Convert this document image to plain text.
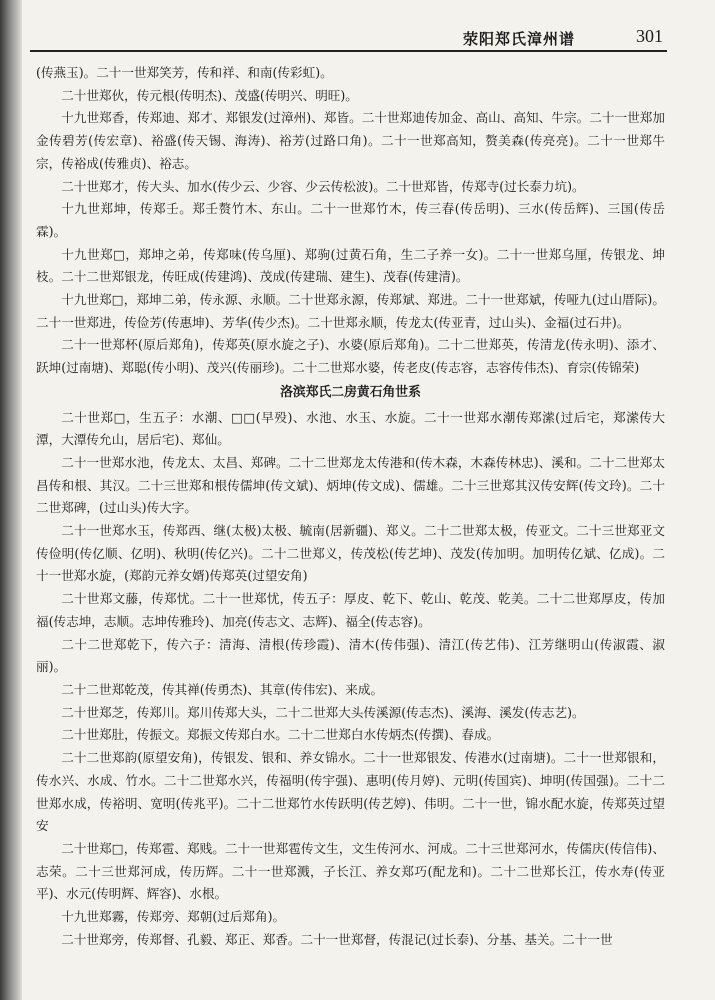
荥阳郑氏漳州谱	301

(传燕玉)。二十一世郑笑芳，传和祥、和南(传彩虹)。

二十世郑伙，传元根(传明杰)、茂盛(传明兴、明旺)。

十九世郑香，传郑迪、郑才、郑银发(过漳州)、郑皆。二十世郑迪传加金、高山、高知、牛宗。二十一世郑加金传碧芳(传宏章)、裕盛(传天锡、海涛)、裕芳(过路口角)。二十一世郑高知，赘美森(传亮亮)。二十一世郑牛宗，传裕成(传雅贞)、裕志。

二十世郑才，传大头、加水(传少云、少容、少云传松波)。二十世郑皆，传郑寺(过长泰力坑)。

十九世郑坤，传郑壬。郑壬赘竹木、东山。二十一世郑竹木，传三春(传岳明)、三水(传岳辉)、三国(传岳霖)。

十九世郑□，郑坤之弟，传郑味(传乌厘)、郑驹(过黄石角，生二子养一女)。二十一世郑乌厘，传银龙、坤枝。二十二世郑银龙，传旺成(传建鸿)、茂成(传建瑞、建生)、茂春(传建清)。

十九世郑□，郑坤二弟，传永源、永顺。二十世郑永源，传郑斌、郑进。二十一世郑斌，传哑九(过山厝际)。二十一世郑进，传俭芳(传惠坤)、芳华(传少杰)。二十世郑永顺，传龙太(传亚青，过山头)、金福(过石井)。

二十一世郑杯(原后郑角)，传郑英(原水旋之子)、水婆(原后郑角)。二十二世郑英，传清龙(传永明)、添才、跃坤(过南塘)、郑聪(传小明)、茂兴(传丽珍)。二十二世郑水婆，传老皮(传志容，志容传伟杰)、育宗(传锦荣)

洛滨郑氏二房黄石角世系

二十世郑□，生五子：水潮、□□(早殁)、水池、水玉、水旋。二十一世郑水潮传郑潆(过后宅，郑潆传大潭，大潭传允山，居后宅)、郑仙。

二十一世郑水池，传龙太、太昌、郑碑。二十二世郑龙太传港和(传木森，木森传林忠)、溪和。二十二世郑太昌传和根、其汉。二十三世郑和根传儒坤(传文斌)、炳坤(传文成)、儒雄。二十三世郑其汉传安辉(传文玲)。二十二世郑碑，(过山头)传大字。

二十一世郑水玉，传郑西、继(太极)太极、毓南(居新疆)、郑义。二十二世郑太极，传亚文。二十三世郑亚文传俭明(传亿顺、亿明)、秋明(传亿兴)。二十二世郑义，传茂松(传艺坤)、茂发(传加明。加明传亿斌、亿成)。二十一世郑水旋，(郑韵元养女婿)传郑英(过望安角)

二十世郑文藤，传郑忧。二十一世郑忧，传五子：厚皮、乾下、乾山、乾茂、乾美。二十二世郑厚皮，传加福(传志坤，志顺。志坤传雅玲)、加亮(传志文、志辉)、福全(传志容)。

二十二世郑乾下，传六子：清海、清根(传珍霞)、清木(传伟强)、清江(传艺伟)、江芳继明山(传淑霞、淑丽)。

二十二世郑乾茂，传其禅(传勇杰)、其章(传伟宏)、来成。

二十世郑芝，传郑川。郑川传郑大头，二十二世郑大头传溪源(传志杰)、溪海、溪发(传志艺)。

二十世郑肚，传振文。郑振文传郑白水。二十二世郑白水传炳杰(传撰)、春成。

二十二世郑韵(原望安角)，传银发、银和、养女锦水。二十一世郑银发、传港水(过南塘)。二十一世郑银和，传水兴、水成、竹水。二十二世郑水兴，传福明(传宇强)、惠明(传月婷)、元明(传国宾)、坤明(传国强)。二十二世郑水成，传裕明、宽明(传兆平)。二十二世郑竹水传跃明(传艺婷)、伟明。二十一世，锦水配水旋，传郑英过望安

二十世郑□，传郑雹、郑贱。二十一世郑雹传文生，文生传河水、河成。二十三世郑河水，传儒庆(传信伟)、志荣。二十三世郑河成，传历辉。二十一世郑溅，子长江、养女郑巧(配龙和)。二十二世郑长江，传水寿(传亚平)、水元(传明辉、辉容)、水根。

十九世郑霧，传郑旁、郑朝(过后郑角)。

二十世郑旁，传郑督、孔毅、郑正、郑香。二十一世郑督，传混记(过长泰)、分基、基关。二十一世
